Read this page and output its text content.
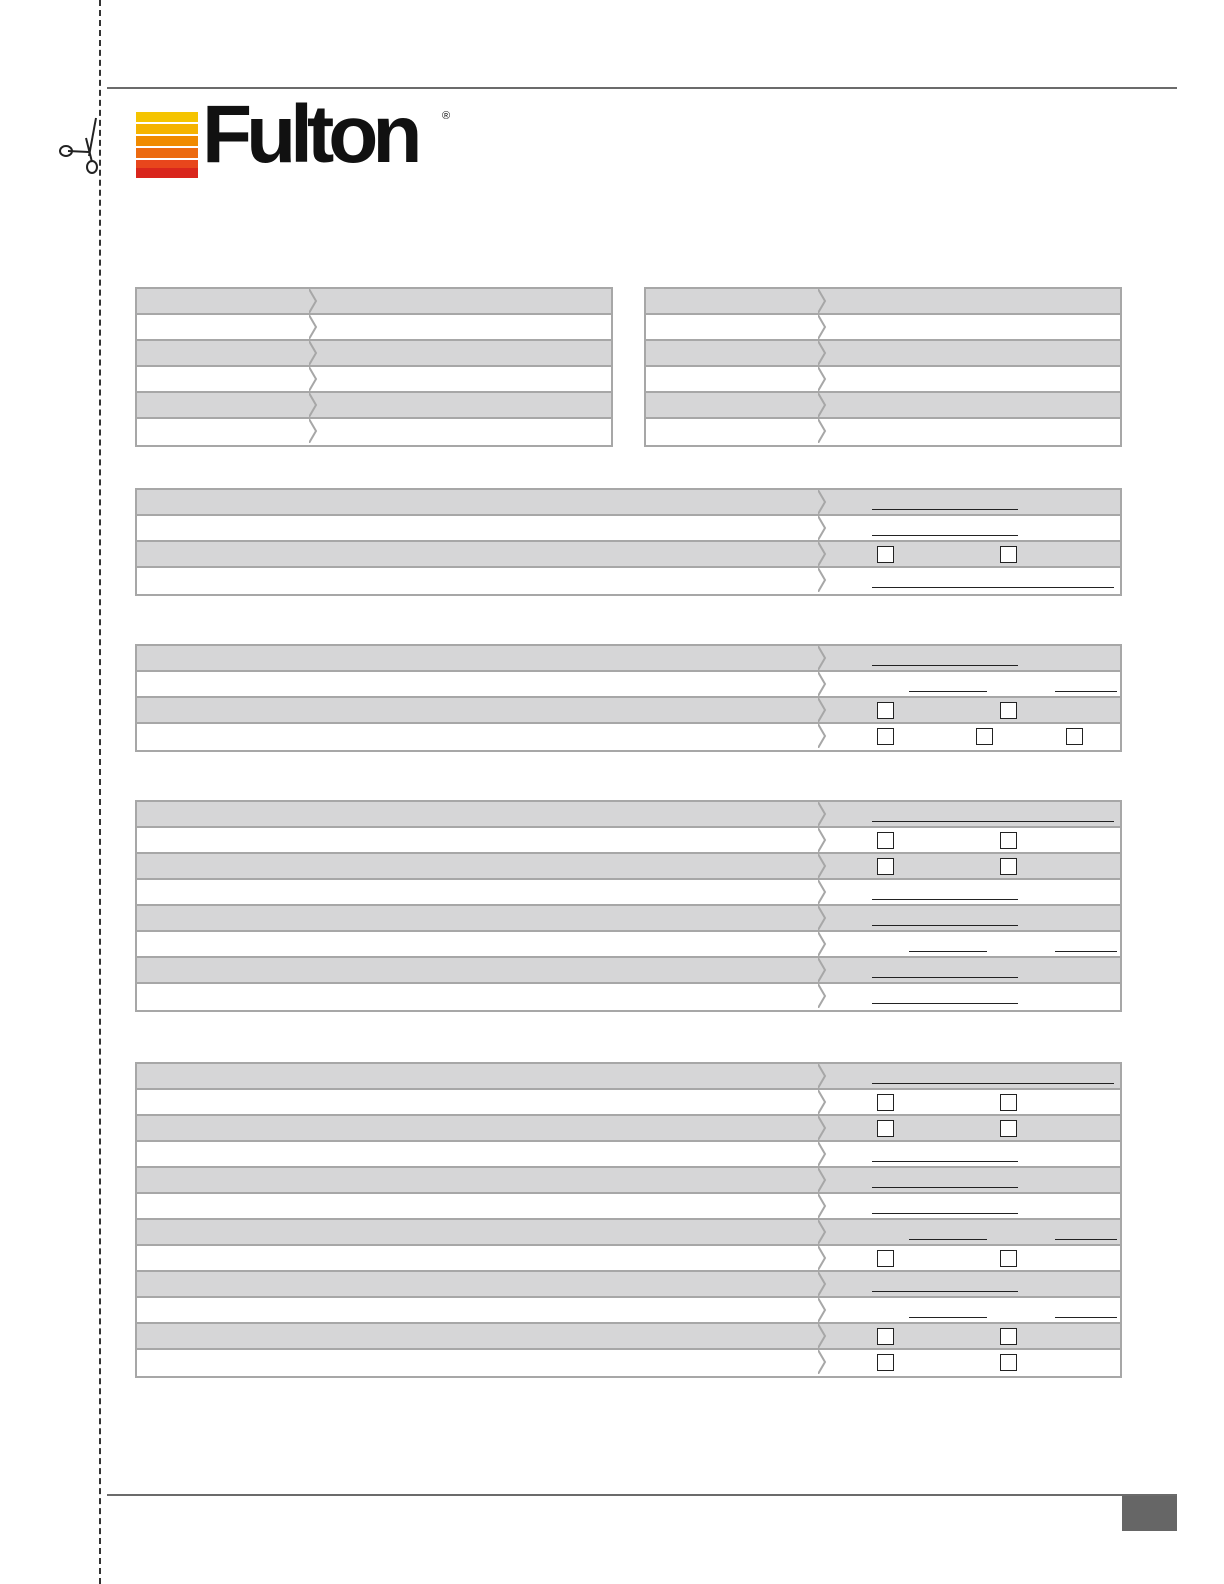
Fulton ®
